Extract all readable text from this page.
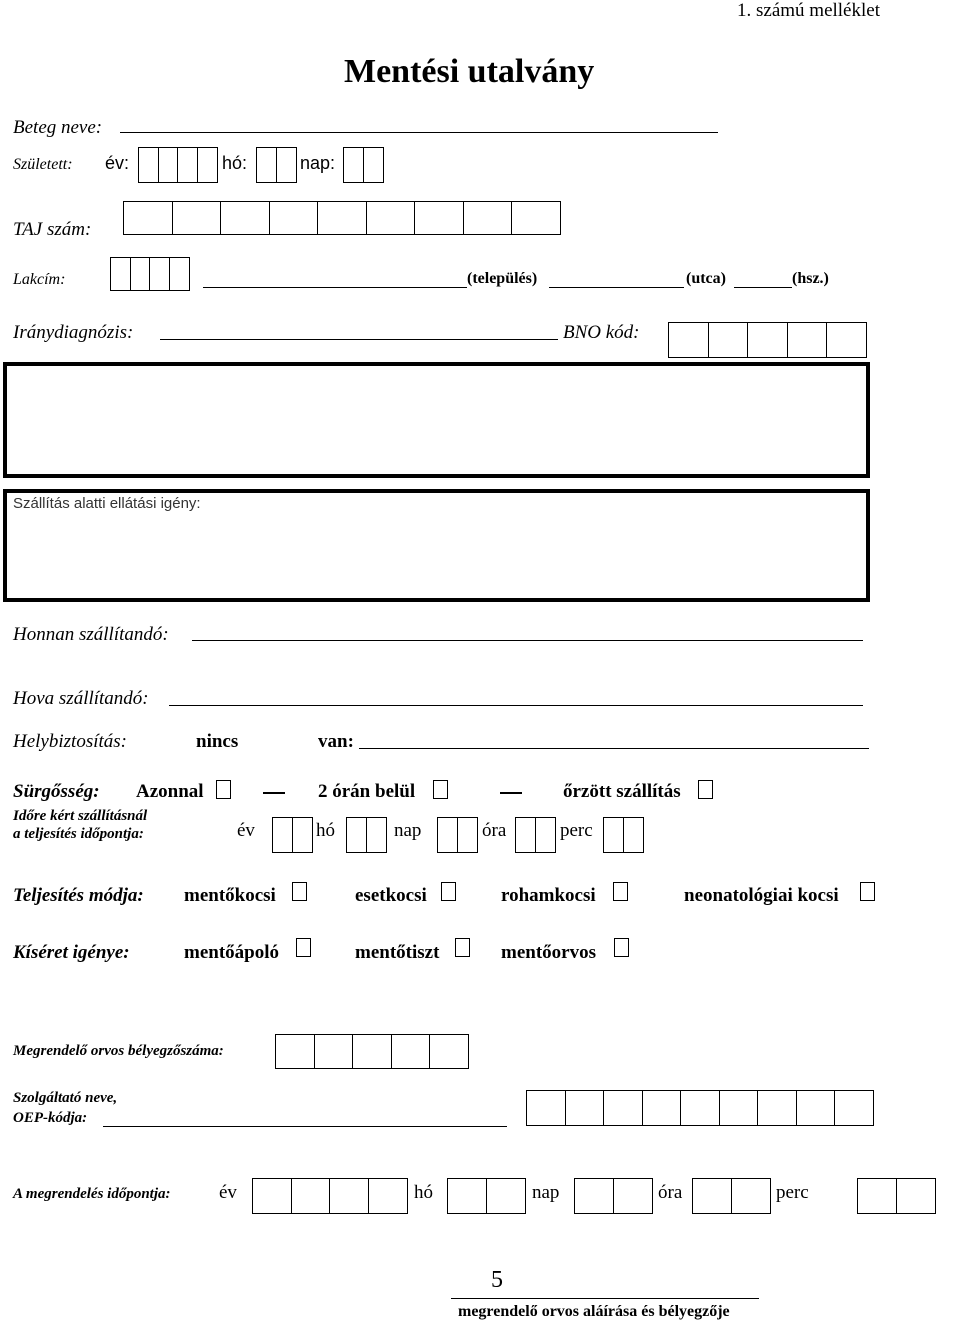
1. számú melléklet
Mentési utalvány
Beteg neve:
Született: év:	hó:	nap:
TAJ szám:
Lakcím:	(település)	(utca)	(hsz.)
Iránydiagnózis:	BNO kód:
Szállítás alatti ellátási igény:
Honnan szállítandó:
Hova szállítandó:
Helybiztosítás:	nincs	van:
Sürgősség: Azonnal	2 órán belül	őrzött szállítás
Időre kért szállításnál
a teljesítés időpontja:	év	hó	nap	óra	perc
Teljesítés módja: mentőkocsi	esetkocsi	rohamkocsi	neonatológiai kocsi
Kíséret igénye:	mentőápoló	mentőtiszt	mentőorvos
Megrendelő orvos bélyegzőszáma:
Szolgáltató neve,
OEP-kódja:
A megrendelés időpontja:	év	hó	nap	óra	perc
5
megrendelő orvos aláírása és bélyegzője
